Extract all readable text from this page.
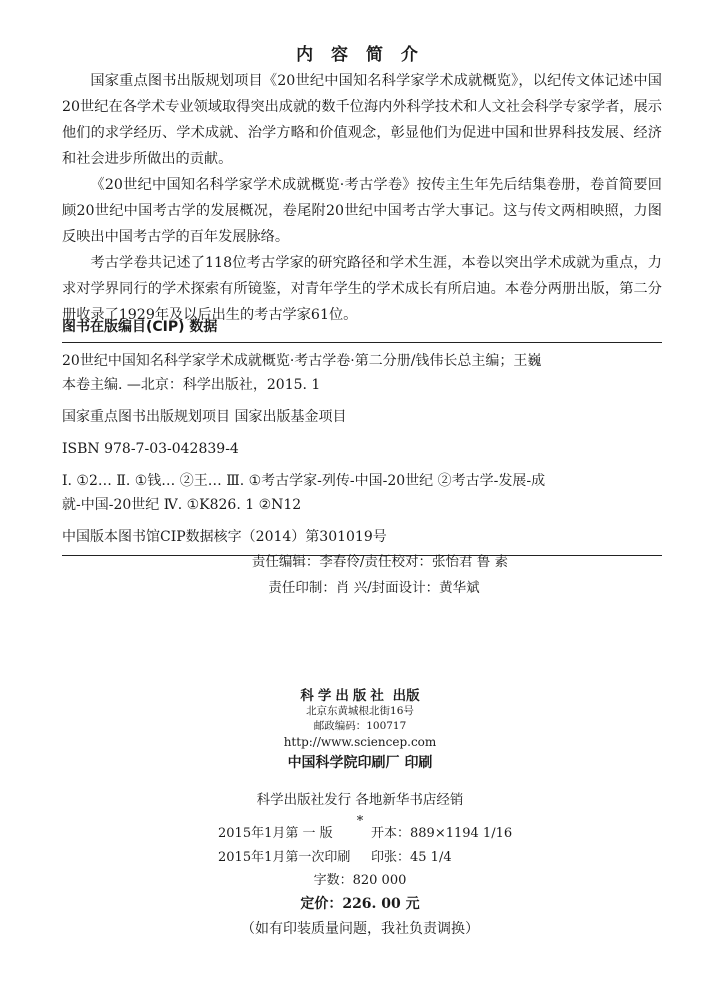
内 容 简 介

国家重点图书出版规划项目《20世纪中国知名科学家学术成就概览》，以纪传文体记述中国20世纪在各学术专业领域取得突出成就的数千位海内外科学技术和人文社会科学专家学者，展示他们的求学经历、学术成就、治学方略和价值观念，彰显他们为促进中国和世界科技发展、经济和社会进步所做出的贡献。

《20世纪中国知名科学家学术成就概览·考古学卷》按传主生年先后结集卷册，卷首简要回顾20世纪中国考古学的发展概况，卷尾附20世纪中国考古学大事记。这与传文两相映照，力图反映出中国考古学的百年发展脉络。

考古学卷共记述了118位考古学家的研究路径和学术生涯，本卷以突出学术成就为重点，力求对学界同行的学术探索有所镜鉴，对青年学生的学术成长有所启迪。本卷分两册出版，第二分册收录了1929年及以后出生的考古学家61位。

图书在版编目(CIP) 数据
20世纪中国知名科学家学术成就概览·考古学卷·第二分册/钱伟长总主编；王巍
本卷主编. —北京：科学出版社，2015. 1
国家重点图书出版规划项目 国家出版基金项目
ISBN 978-7-03-042839-4
Ⅰ. ①2… Ⅱ. ①钱… ②王… Ⅲ. ①考古学家-列传-中国-20世纪 ②考古学-发展-成
就-中国-20世纪 Ⅳ. ①K826. 1 ②N12
中国版本图书馆CIP数据核字（2014）第301019号
责任编辑：李春伶/责任校对：张怡君 鲁 素
责任印制：肖 兴/封面设计：黄华斌
科学出版社 出版
北京东黄城根北街16号
邮政编码：100717
http://www.sciencep.com
中国科学院印刷厂 印刷
科学出版社发行 各地新华书店经销
*
2015年1月第 一 版	开本：889×1194 1/16
2015年1月第一次印刷 印张：45 1/4
字数：820 000
定价：226. 00 元
（如有印装质量问题，我社负责调换）
